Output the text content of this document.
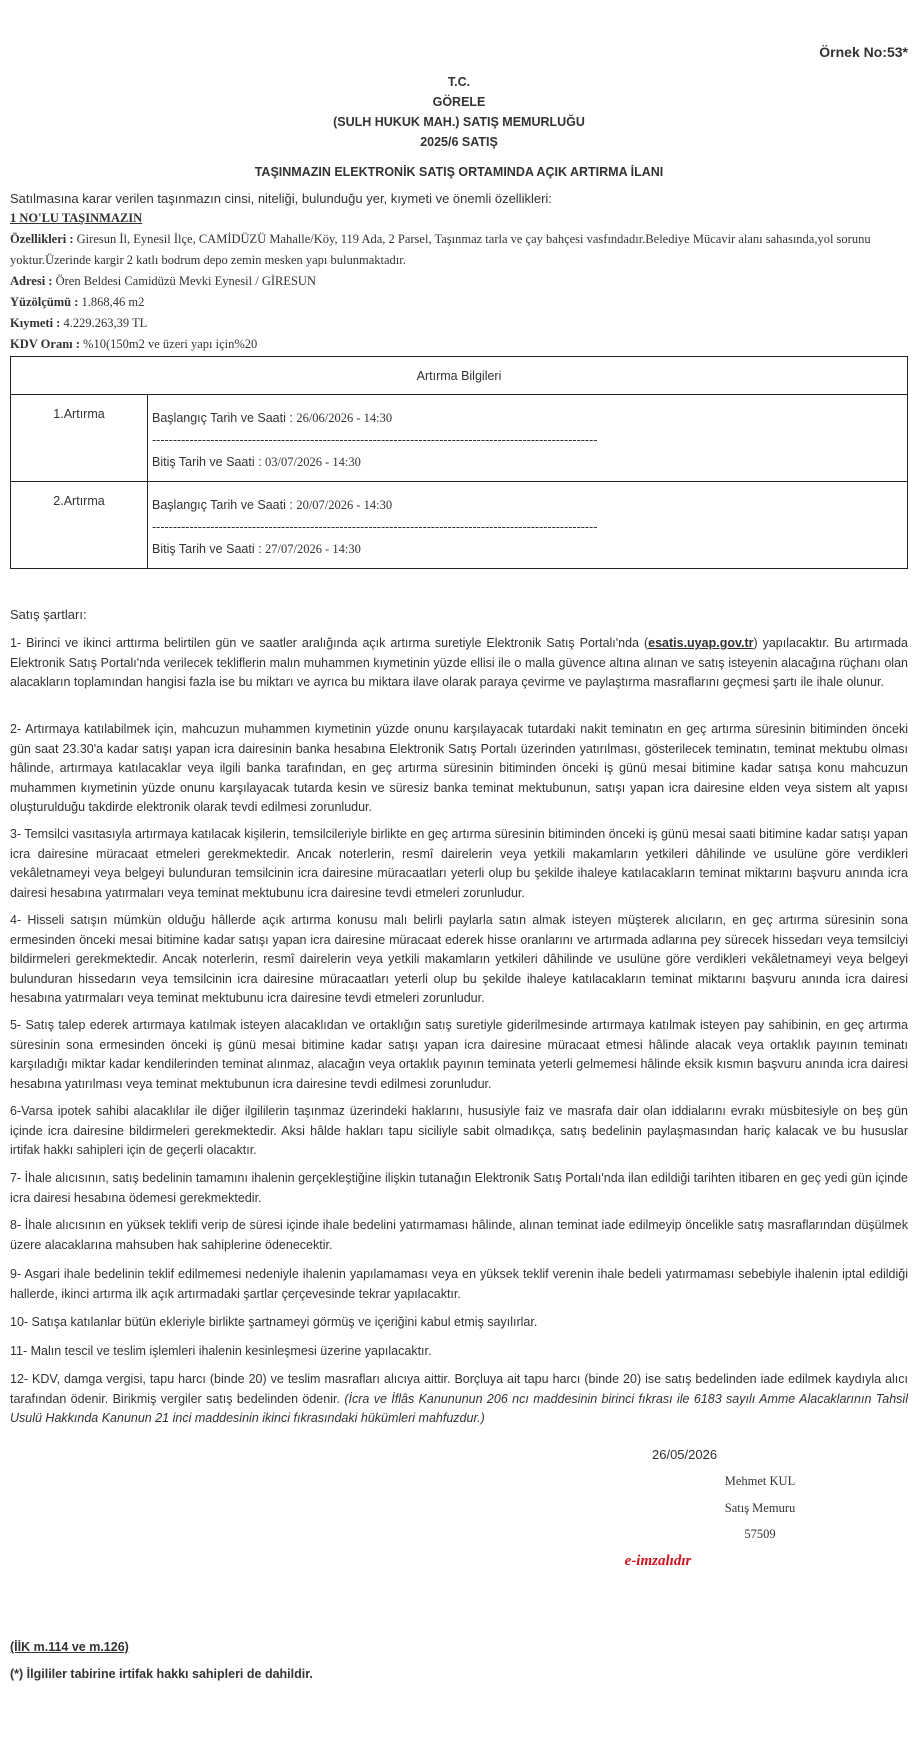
Örnek No:53*
T.C.
GÖRELE
(SULH HUKUK MAH.) SATIŞ MEMURLUĞU
2025/6 SATIŞ
TAŞINMAZIN ELEKTRONİK SATIŞ ORTAMINDA AÇIK ARTIRMA İLANI
Satılmasına karar verilen taşınmazın cinsi, niteliği, bulunduğu yer, kıymeti ve önemli özellikleri:
1 NO'LU TAŞINMAZIN
Özellikleri : Giresun İl, Eynesil İlçe, CAMİDÜZÜ Mahalle/Köy, 119 Ada, 2 Parsel, Taşınmaz tarla ve çay bahçesi vasfındadır.Belediye Mücavir alanı sahasında,yol sorunu yoktur.Üzerinde kargir 2 katlı bodrum depo zemin mesken yapı bulunmaktadır.
Adresi : Ören Beldesi Camidüzü Mevki Eynesil / GİRESUN
Yüzölçümü : 1.868,46 m2
Kıymeti : 4.229.263,39 TL
KDV Oranı : %10(150m2 ve üzeri yapı için%20
Artırma Bilgileri	
1.Artırma	Başlangıç Tarih ve Saati : 26/06/2026 - 14:30
-----------------------------------------------------------------------------------------------------------
Bitiş Tarih ve Saati : 03/07/2026 - 14:30

2.Artırma	Başlangıç Tarih ve Saati : 20/07/2026 - 14:30
-----------------------------------------------------------------------------------------------------------
Bitiş Tarih ve Saati : 27/07/2026 - 14:30
Satış şartları:
1- Birinci ve ikinci arttırma belirtilen gün ve saatler aralığında açık artırma suretiyle Elektronik Satış Portalı'nda (esatis.uyap.gov.tr) yapılacaktır. Bu artırmada Elektronik Satış Portalı'nda verilecek tekliflerin malın muhammen kıymetinin yüzde ellisi ile o malla güvence altına alınan ve satış isteyenin alacağına rüçhanı olan alacakların toplamından hangisi fazla ise bu miktarı ve ayrıca bu miktara ilave olarak paraya çevirme ve paylaştırma masraflarını geçmesi şartı ile ihale olunur.
2- Artırmaya katılabilmek için, mahcuzun muhammen kıymetinin yüzde onunu karşılayacak tutardaki nakit teminatın en geç artırma süresinin bitiminden önceki gün saat 23.30'a kadar satışı yapan icra dairesinin banka hesabına Elektronik Satış Portalı üzerinden yatırılması, gösterilecek teminatın, teminat mektubu olması hâlinde, artırmaya katılacaklar veya ilgili banka tarafından, en geç artırma süresinin bitiminden önceki iş günü mesai bitimine kadar satışa konu mahcuzun muhammen kıymetinin yüzde onunu karşılayacak tutarda kesin ve süresiz banka teminat mektubunun, satışı yapan icra dairesine elden veya sistem alt yapısı oluşturulduğu takdirde elektronik olarak tevdi edilmesi zorunludur.
3- Temsilci vasıtasıyla artırmaya katılacak kişilerin, temsilcileriyle birlikte en geç artırma süresinin bitiminden önceki iş günü mesai saati bitimine kadar satışı yapan icra dairesine müracaat etmeleri gerekmektedir. Ancak noterlerin, resmî dairelerin veya yetkili makamların yetkileri dâhilinde ve usulüne göre verdikleri vekâletnameyi veya belgeyi bulunduran temsilcinin icra dairesine müracaatları yeterli olup bu şekilde ihaleye katılacakların teminat miktarını başvuru anında icra dairesi hesabına yatırmaları veya teminat mektubunu icra dairesine tevdi etmeleri zorunludur.
4- Hisseli satışın mümkün olduğu hâllerde açık artırma konusu malı belirli paylarla satın almak isteyen müşterek alıcıların, en geç artırma süresinin sona ermesinden önceki mesai bitimine kadar satışı yapan icra dairesine müracaat ederek hisse oranlarını ve artırmada adlarına pey sürecek hissedarı veya temsilciyi bildirmeleri gerekmektedir. Ancak noterlerin, resmî dairelerin veya yetkili makamların yetkileri dâhilinde ve usulüne göre verdikleri vekâletnameyi veya belgeyi bulunduran hissedarın veya temsilcinin icra dairesine müracaatları yeterli olup bu şekilde ihaleye katılacakların teminat miktarını başvuru anında icra dairesi hesabına yatırmaları veya teminat mektubunu icra dairesine tevdi etmeleri zorunludur.
5- Satış talep ederek artırmaya katılmak isteyen alacaklıdan ve ortaklığın satış suretiyle giderilmesinde artırmaya katılmak isteyen pay sahibinin, en geç artırma süresinin sona ermesinden önceki iş günü mesai bitimine kadar satışı yapan icra dairesine müracaat etmesi hâlinde alacak veya ortaklık payının teminatı karşıladığı miktar kadar kendilerinden teminat alınmaz, alacağın veya ortaklık payının teminata yeterli gelmemesi hâlinde eksik kısmın başvuru anında icra dairesi hesabına yatırılması veya teminat mektubunun icra dairesine tevdi edilmesi zorunludur.
6-Varsa ipotek sahibi alacaklılar ile diğer ilgililerin taşınmaz üzerindeki haklarını, hususiyle faiz ve masrafa dair olan iddialarını evrakı müsbitesiyle on beş gün içinde icra dairesine bildirmeleri gerekmektedir. Aksi hâlde hakları tapu siciliyle sabit olmadıkça, satış bedelinin paylaşmasından hariç kalacak ve bu hususlar irtifak hakkı sahipleri için de geçerli olacaktır.
7- İhale alıcısının, satış bedelinin tamamını ihalenin gerçekleştiğine ilişkin tutanağın Elektronik Satış Portalı'nda ilan edildiği tarihten itibaren en geç yedi gün içinde icra dairesi hesabına ödemesi gerekmektedir.
8- İhale alıcısının en yüksek teklifi verip de süresi içinde ihale bedelini yatırmaması hâlinde, alınan teminat iade edilmeyip öncelikle satış masraflarından düşülmek üzere alacaklarına mahsuben hak sahiplerine ödenecektir.
9- Asgari ihale bedelinin teklif edilmemesi nedeniyle ihalenin yapılamaması veya en yüksek teklif verenin ihale bedeli yatırmaması sebebiyle ihalenin iptal edildiği hallerde, ikinci artırma ilk açık artırmadaki şartlar çerçevesinde tekrar yapılacaktır.
10- Satışa katılanlar bütün ekleriyle birlikte şartnameyi görmüş ve içeriğini kabul etmiş sayılırlar.
11- Malın tescil ve teslim işlemleri ihalenin kesinleşmesi üzerine yapılacaktır.
12- KDV, damga vergisi, tapu harcı (binde 20) ve teslim masrafları alıcıya aittir. Borçluya ait tapu harcı (binde 20) ise satış bedelinden iade edilmek kaydıyla alıcı tarafından ödenir. Birikmiş vergiler satış bedelinden ödenir. (İcra ve İflâs Kanununun 206 ncı maddesinin birinci fıkrası ile 6183 sayılı Amme Alacaklarının Tahsil Usulü Hakkında Kanunun 21 inci maddesinin ikinci fıkrasındaki hükümleri mahfuzdur.)
26/05/2026
Mehmet KUL
Satış Memuru
57509
e-imzalıdır
(İİK m.114 ve m.126)
(*) İlgililer tabirine irtifak hakkı sahipleri de dahildir.
